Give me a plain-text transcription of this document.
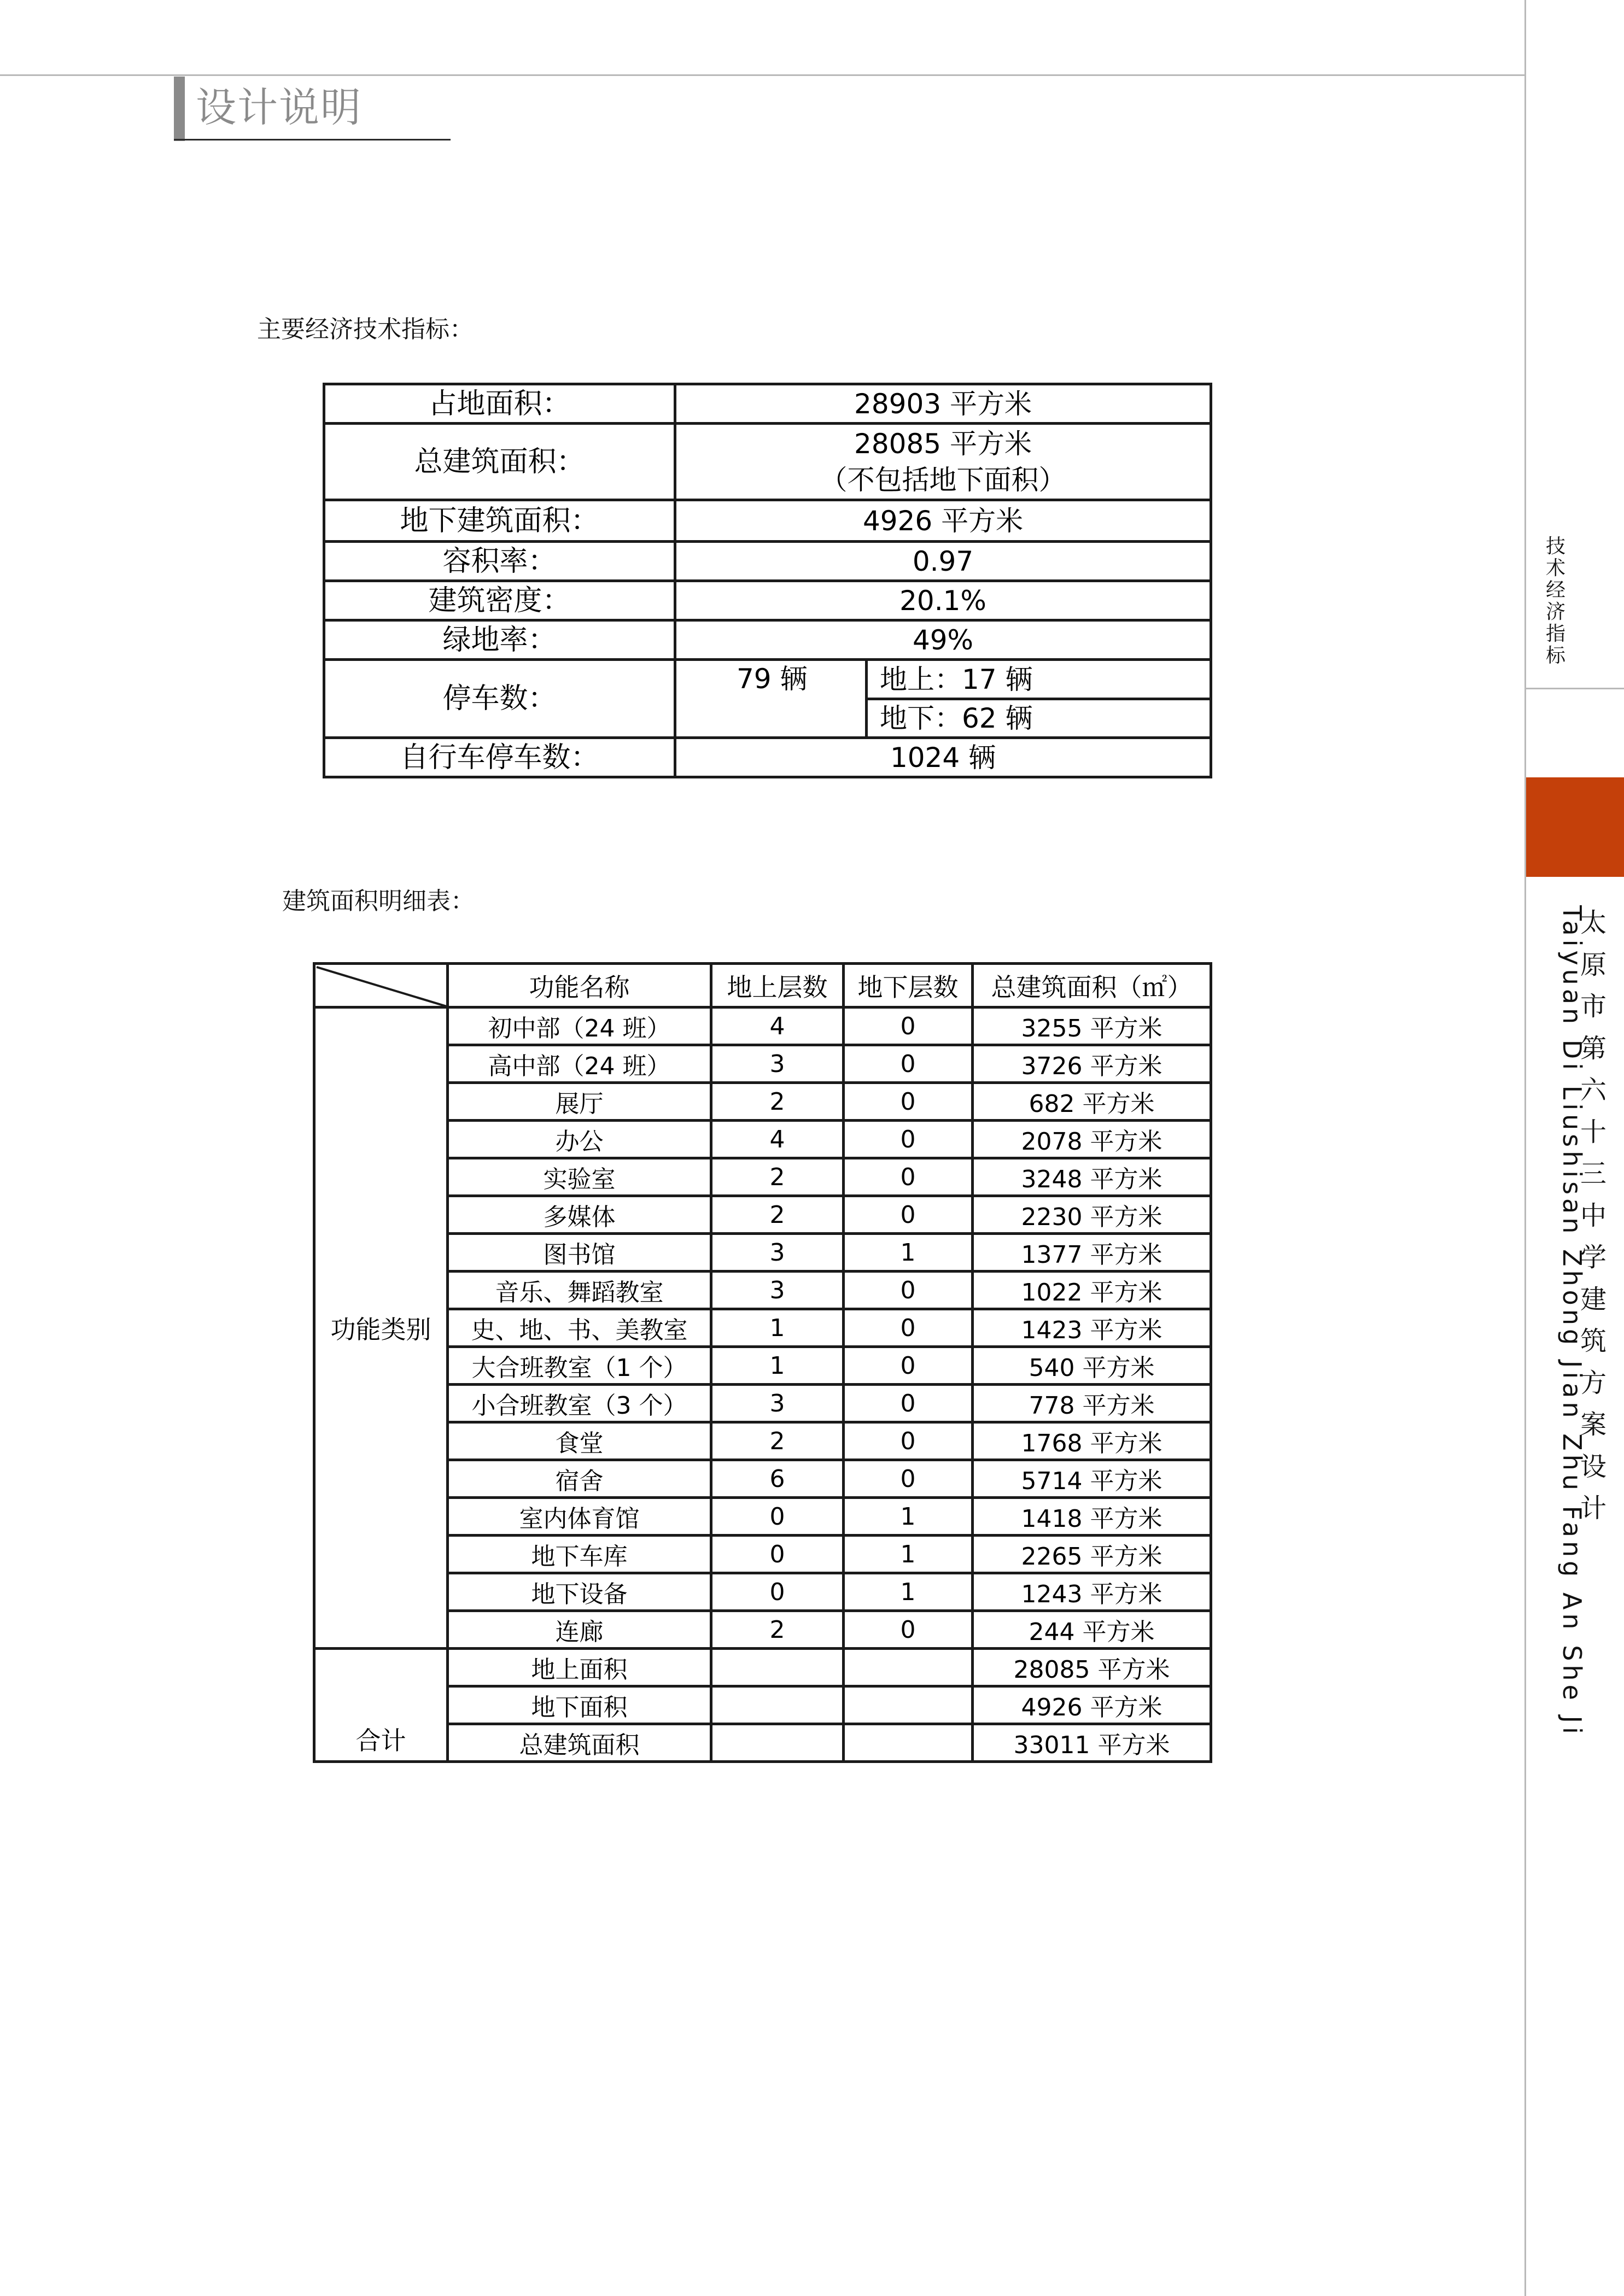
设计说明
主要经济技术指标：
占地面积：	28903 平方米	
总建筑面积：	28085 平方米
（不包括地下面积）	

地下建筑面积：	4926 平方米	
容积率：	0.97	
建筑密度：	20.1%	
绿地率：	49%	
停车数：	79 辆	地上：17 辆
		地下：62 辆
自行车停车数：	1024 辆	
建筑面积明细表：
	功能名称	地上层数	地下层数	总建筑面积（㎡）
功能类别	初中部（24 班）	4	0	3255 平方米
	高中部（24 班）	3	0	3726 平方米
	展厅	2	0	682 平方米
	办公	4	0	2078 平方米
	实验室	2	0	3248 平方米
	多媒体	2	0	2230 平方米
	图书馆	3	1	1377 平方米
	音乐、舞蹈教室	3	0	1022 平方米
	史、地、书、美教室	1	0	1423 平方米
	大合班教室（1 个）	1	0	540 平方米
	小合班教室（3 个）	3	0	778 平方米
	食堂	2	0	1768 平方米
	宿舍	6	0	5714 平方米
	室内体育馆	0	1	1418 平方米
	地下车库	0	1	2265 平方米
	地下设备	0	1	1243 平方米
	连廊	2	0	244 平方米
合计	地上面积			28085 平方米
	地下面积			4926 平方米
	总建筑面积			33011 平方米
技
术
经
济
指
标
太
原
市
第
六
十
三
中
学
建
筑
方
案
设
计
Taiyuan Di Liushisan Zhong Jian Zhu Fang An She Ji
